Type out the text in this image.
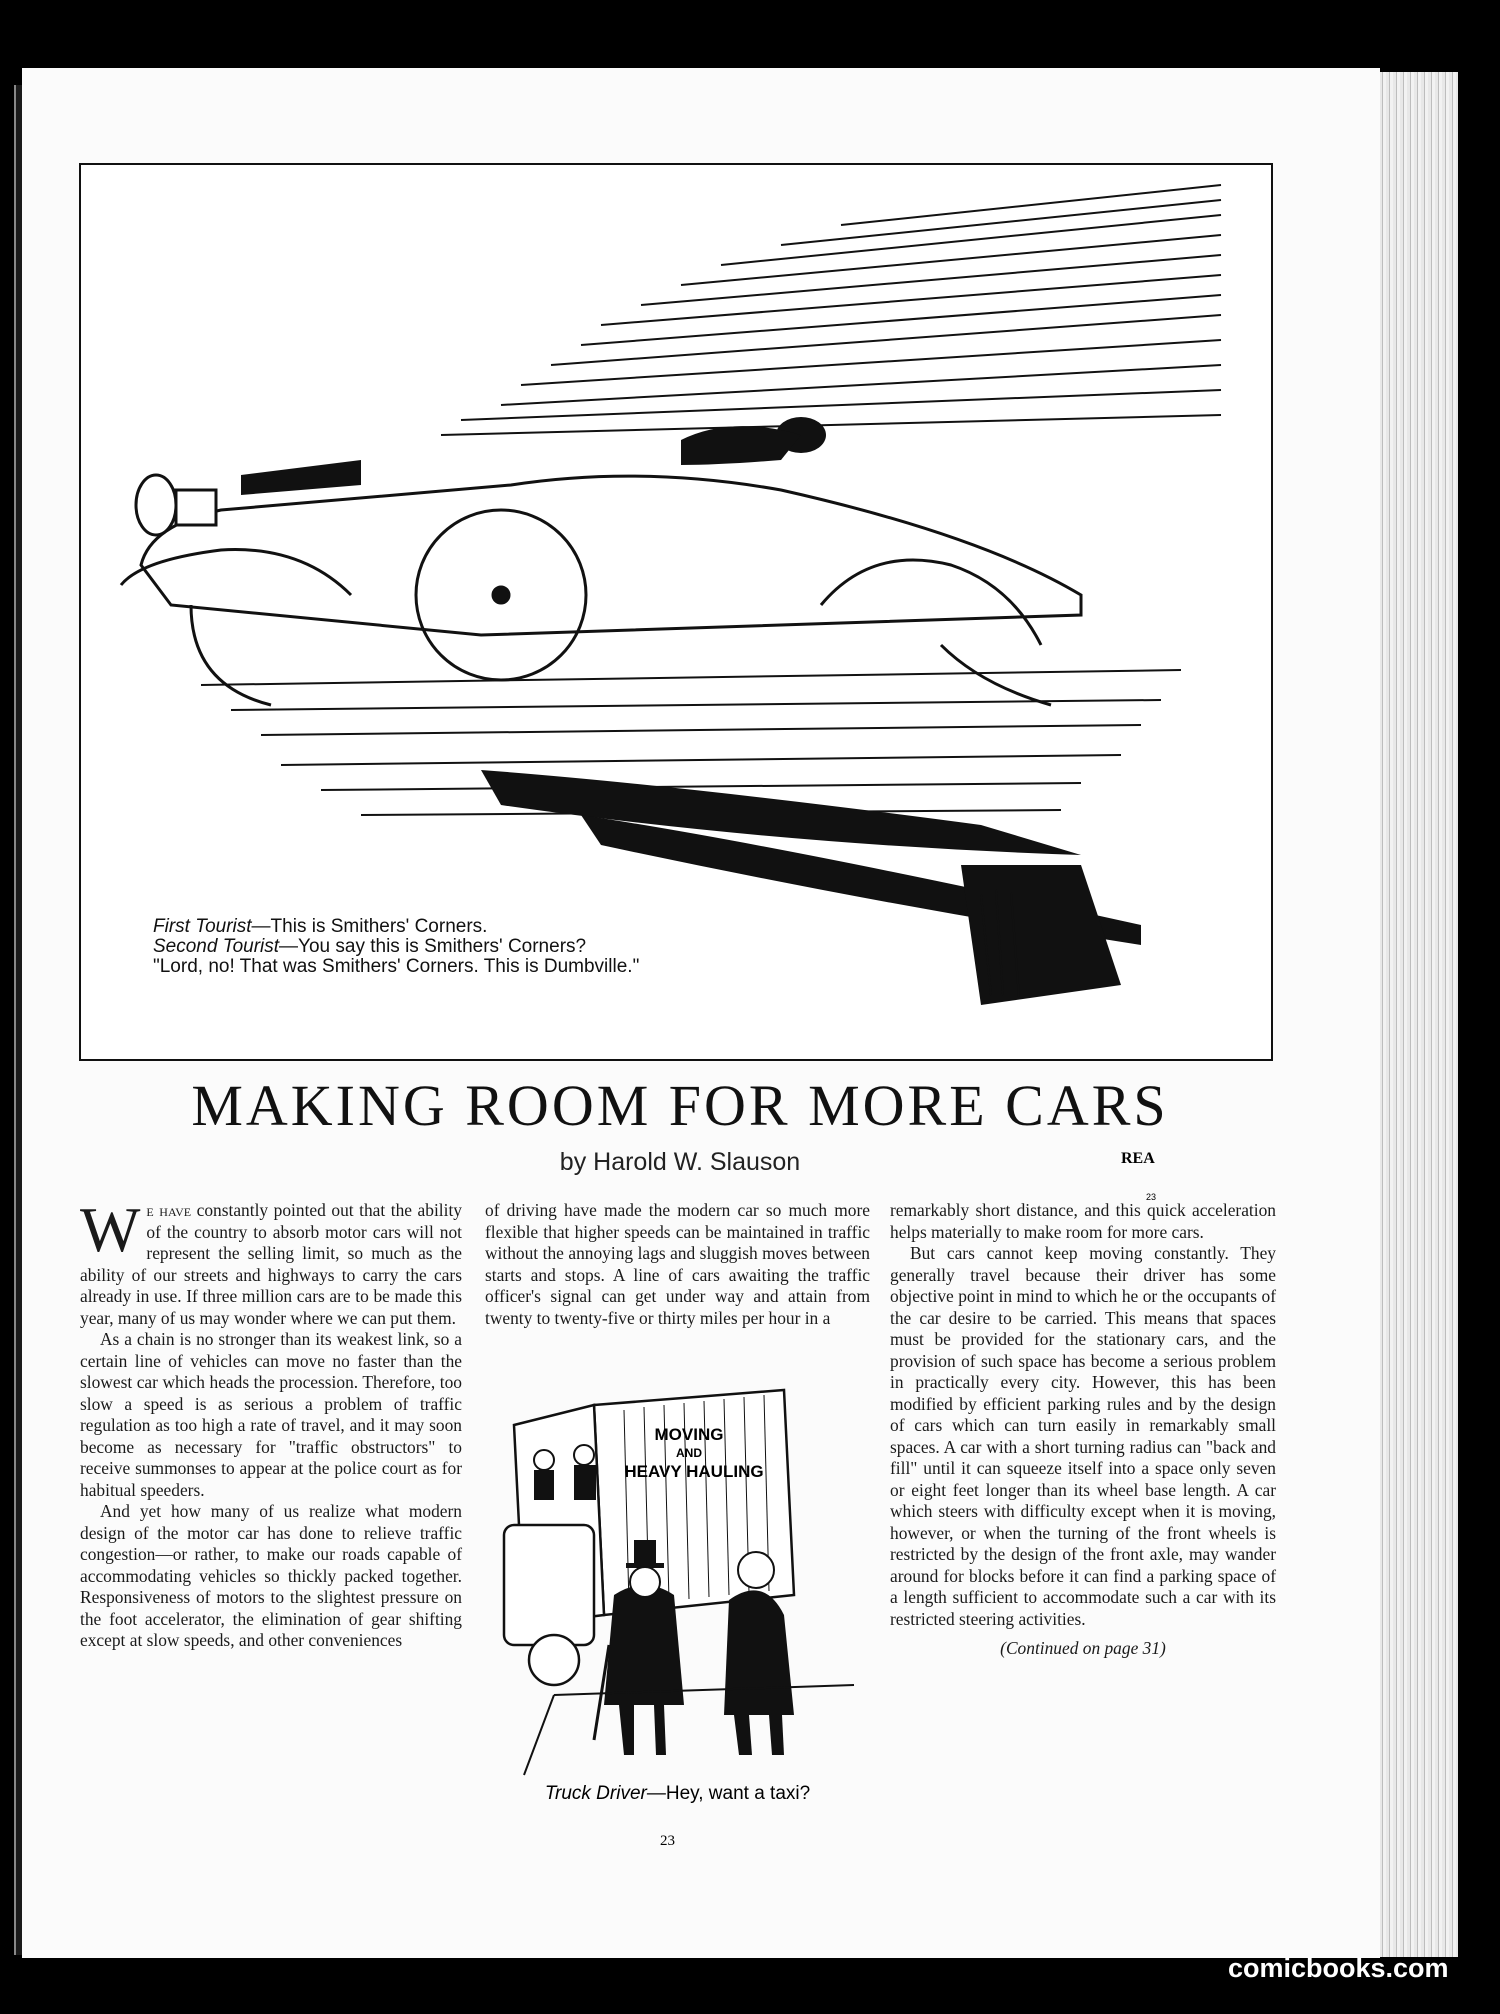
First Tourist—This is Smithers' Corners.

Second Tourist—You say this is Smithers' Corners?

"Lord, no! That was Smithers' Corners. This is Dumbville."

REA
23
MAKING ROOM FOR MORE CARS
by Harold W. Slauson

We have constantly pointed out that the ability of the country to absorb motor cars will not represent the selling limit, so much as the ability of our streets and highways to carry the cars already in use. If three million cars are to be made this year, many of us may wonder where we can put them.

As a chain is no stronger than its weakest link, so a certain line of vehicles can move no faster than the slowest car which heads the procession. Therefore, too slow a speed is as serious a problem of traffic regulation as too high a rate of travel, and it may soon become as necessary for "traffic obstructors" to receive summonses to appear at the police court as for habitual speeders.

And yet how many of us realize what modern design of the motor car has done to relieve traffic congestion—or rather, to make our roads capable of accommodating vehicles so thickly packed together. Responsiveness of motors to the slightest pressure on the foot accelerator, the elimination of gear shifting except at slow speeds, and other conveniences

of driving have made the modern car so much more flexible that higher speeds can be maintained in traffic without the annoying lags and sluggish moves between starts and stops. A line of cars awaiting the traffic officer's signal can get under way and attain from twenty to twenty-five or thirty miles per hour in a

MOVING
AND
HEAVY HAULING
Truck Driver—Hey, want a taxi?

remarkably short distance, and this quick acceleration helps materially to make room for more cars.

But cars cannot keep moving constantly. They generally travel because their driver has some objective point in mind to which he or the occupants of the car desire to be carried. This means that spaces must be provided for the stationary cars, and the provision of such space has become a serious problem in practically every city. However, this has been modified by efficient parking rules and by the design of cars which can turn easily in remarkably small spaces. A car with a short turning radius can "back and fill" until it can squeeze itself into a space only seven or eight feet longer than its wheel base length. A car which steers with difficulty except when it is moving, however, or when the turning of the front wheels is restricted by the design of the front axle, may wander around for blocks before it can find a parking space of a length sufficient to accommodate such a car with its restricted steering activities.

(Continued on page 31)

23
comicbooks.com
